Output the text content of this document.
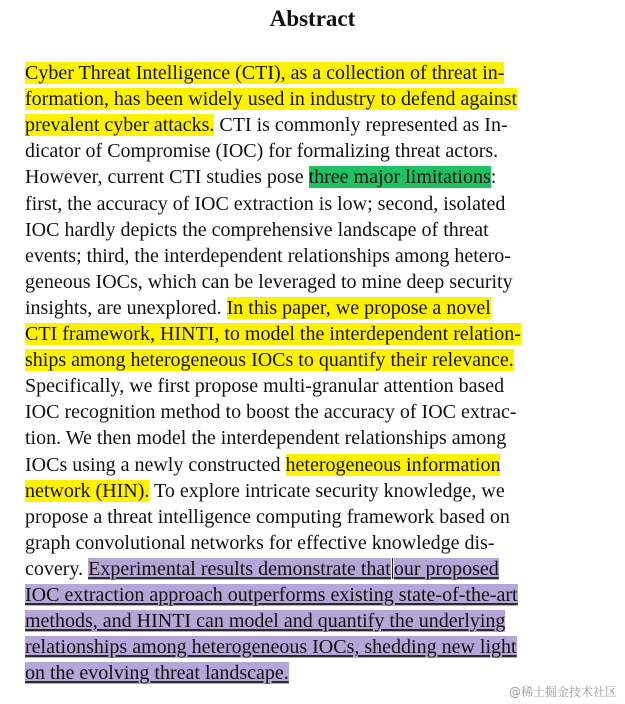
Abstract
Cyber Threat Intelligence (CTI), as a collection of threat in-
formation, has been widely used in industry to defend against
prevalent cyber attacks. CTI is commonly represented as In-
dicator of Compromise (IOC) for formalizing threat actors.
However, current CTI studies pose three major limitations:
first, the accuracy of IOC extraction is low; second, isolated
IOC hardly depicts the comprehensive landscape of threat
events; third, the interdependent relationships among hetero-
geneous IOCs, which can be leveraged to mine deep security
insights, are unexplored. In this paper, we propose a novel
CTI framework, HINTI, to model the interdependent relation-
ships among heterogeneous IOCs to quantify their relevance.
Specifically, we first propose multi-granular attention based
IOC recognition method to boost the accuracy of IOC extrac-
tion. We then model the interdependent relationships among
IOCs using a newly constructed heterogeneous information
network (HIN). To explore intricate security knowledge, we
propose a threat intelligence computing framework based on
graph convolutional networks for effective knowledge dis-
covery. Experimental results demonstrate that our proposed
IOC extraction approach outperforms existing state-of-the-art
methods, and HINTI can model and quantify the underlying
relationships among heterogeneous IOCs, shedding new light
on the evolving threat landscape.
@稀土掘金技术社区
